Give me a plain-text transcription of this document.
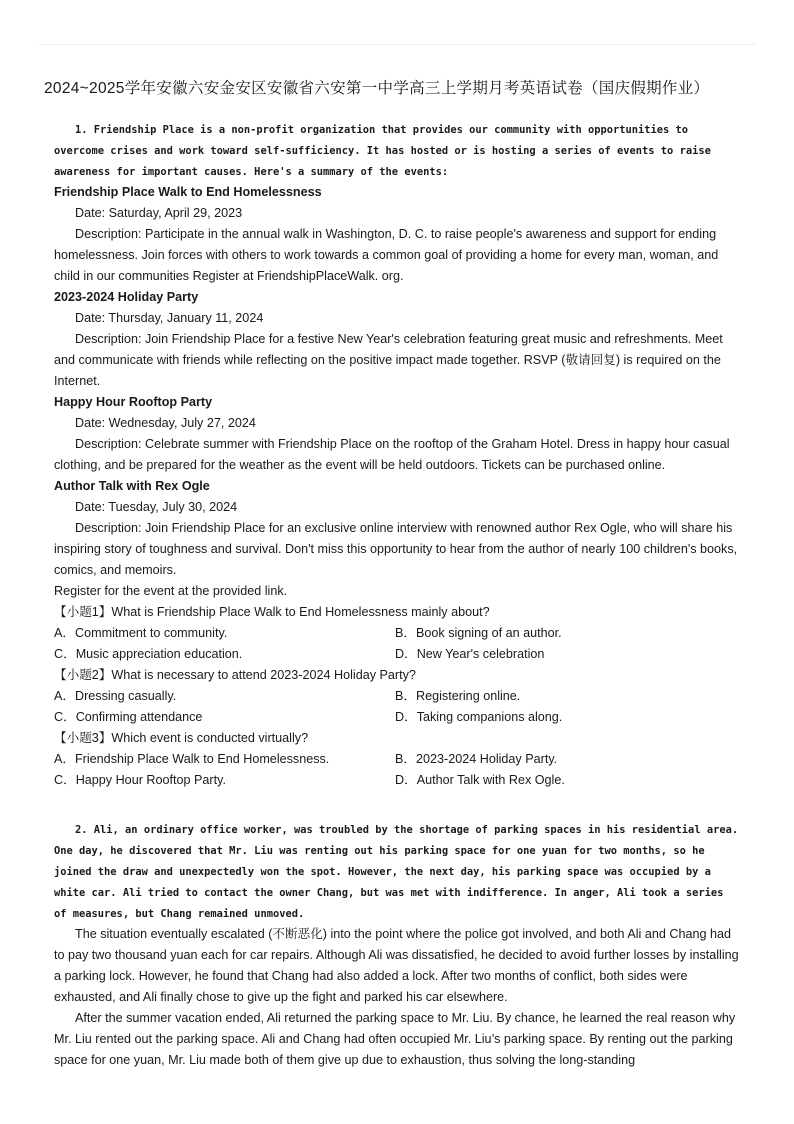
2024~2025学年安徽六安金安区安徽省六安第一中学高三上学期月考英语试卷（国庆假期作业）

1. Friendship Place is a non-profit organization that provides our community with opportunities to overcome crises and work toward self-sufficiency. It has hosted or is hosting a series of events to raise awareness for important causes. Here's a summary of the events:

Friendship Place Walk to End Homelessness

Date: Saturday, April 29, 2023

Description: Participate in the annual walk in Washington, D. C. to raise people's awareness and support for ending homelessness. Join forces with others to work towards a common goal of providing a home for every man, woman, and child in our communities Register at FriendshipPlaceWalk. org.

2023-2024 Holiday Party

Date: Thursday, January 11, 2024

Description: Join Friendship Place for a festive New Year's celebration featuring great music and refreshments. Meet and communicate with friends while reflecting on the positive impact made together. RSVP (敬请回复) is required on the Internet.

Happy Hour Rooftop Party

Date: Wednesday, July 27, 2024

Description: Celebrate summer with Friendship Place on the rooftop of the Graham Hotel. Dress in happy hour casual clothing, and be prepared for the weather as the event will be held outdoors. Tickets can be purchased online.

Author Talk with Rex Ogle

Date: Tuesday, July 30, 2024

Description: Join Friendship Place for an exclusive online interview with renowned author Rex Ogle, who will share his inspiring story of toughness and survival. Don't miss this opportunity to hear from the author of nearly 100 children's books, comics, and memoirs.

Register for the event at the provided link.

【小题1】What is Friendship Place Walk to End Homelessness mainly about?

A．Commitment to community.	B．Book signing of an author.
C．Music appreciation education.	D．New Year's celebration

【小题2】What is necessary to attend 2023-2024 Holiday Party?

A．Dressing casually.	B．Registering online.
C．Confirming attendance	D．Taking companions along.

【小题3】Which event is conducted virtually?

A．Friendship Place Walk to End Homelessness.	B．2023-2024 Holiday Party.
C．Happy Hour Rooftop Party.	D．Author Talk with Rex Ogle.

2. Ali, an ordinary office worker, was troubled by the shortage of parking spaces in his residential area. One day, he discovered that Mr. Liu was renting out his parking space for one yuan for two months, so he joined the draw and unexpectedly won the spot. However, the next day, his parking space was occupied by a white car. Ali tried to contact the owner Chang, but was met with indifference. In anger, Ali took a series of measures, but Chang remained unmoved.

The situation eventually escalated (不断恶化) into the point where the police got involved, and both Ali and Chang had to pay two thousand yuan each for car repairs. Although Ali was dissatisfied, he decided to avoid further losses by installing a parking lock. However, he found that Chang had also added a lock. After two months of conflict, both sides were exhausted, and Ali finally chose to give up the fight and parked his car elsewhere.

After the summer vacation ended, Ali returned the parking space to Mr. Liu. By chance, he learned the real reason why Mr. Liu rented out the parking space. Ali and Chang had often occupied Mr. Liu’s parking space. By renting out the parking space for one yuan, Mr. Liu made both of them give up due to exhaustion, thus solving the long-standing
